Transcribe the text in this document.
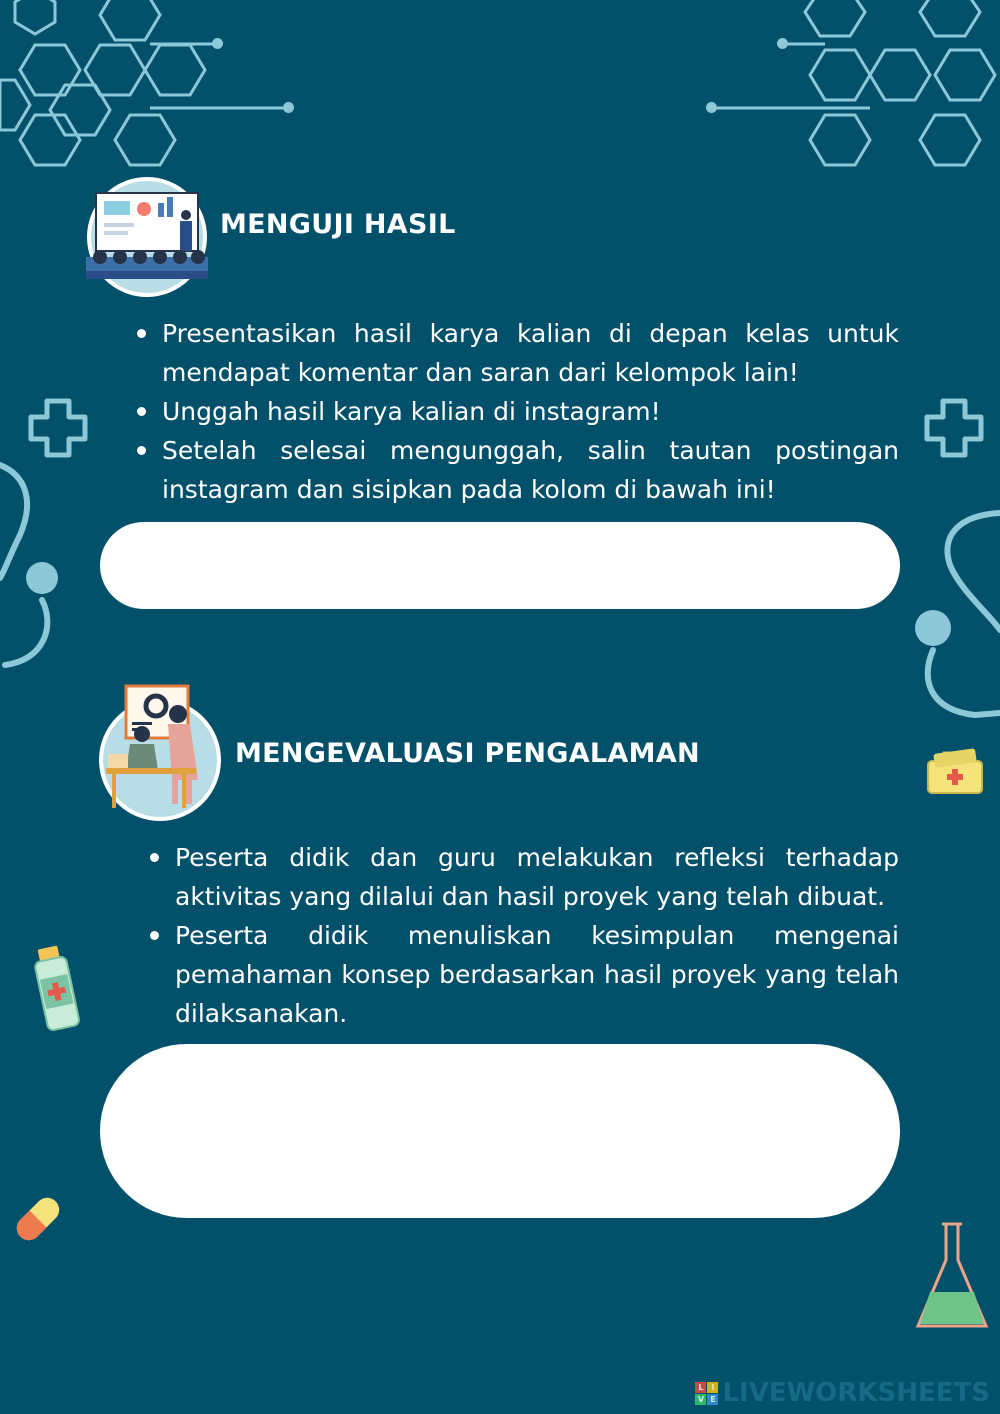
MENGUJI HASIL
Presentasikan hasil karya kalian di depan kelas untuk mendapat komentar dan saran dari kelompok lain!
Unggah hasil karya kalian di instagram!
Setelah selesai mengunggah, salin tautan postingan instagram dan sisipkan pada kolom di bawah ini!
MENGEVALUASI PENGALAMAN
Peserta didik dan guru melakukan refleksi terhadap aktivitas yang dilalui dan hasil proyek yang telah dibuat.
Peserta didik menuliskan kesimpulan mengenai pemahaman konsep berdasarkan hasil proyek yang telah dilaksanakan.
L I
V E LIVEWORKSHEETS
